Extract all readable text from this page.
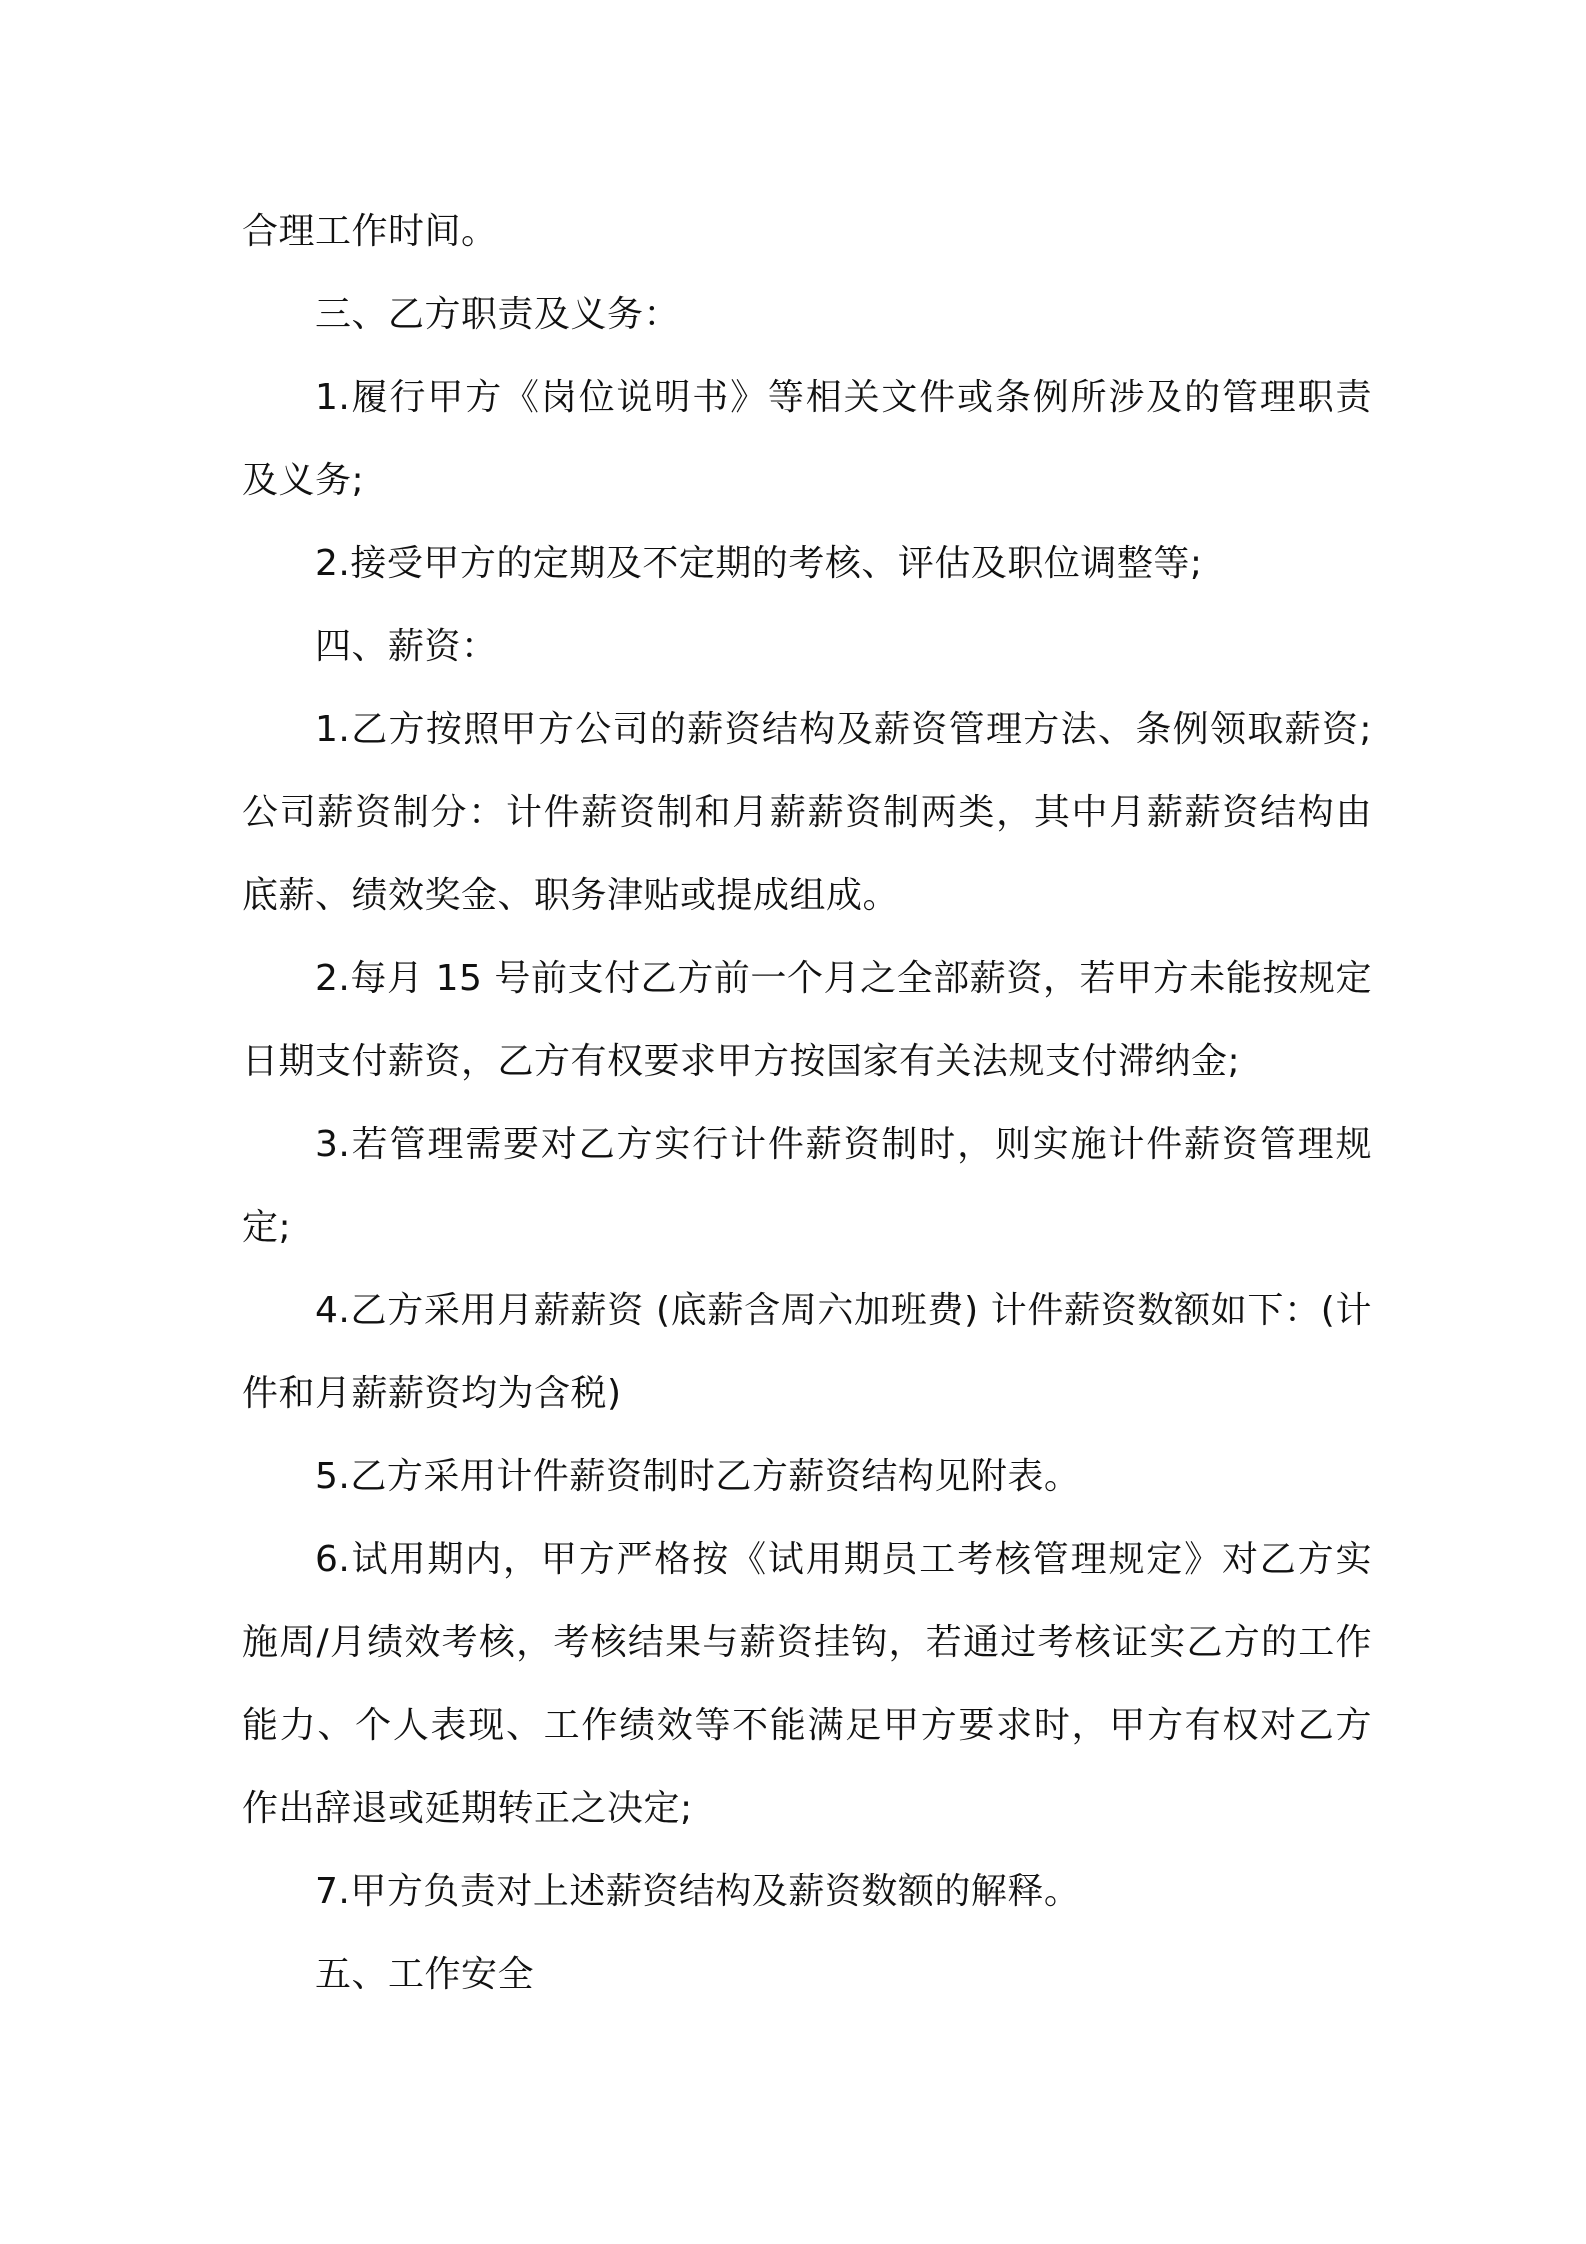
合理工作时间。

三、乙方职责及义务：

1.履行甲方《岗位说明书》等相关文件或条例所涉及的管理职责及义务;

2.接受甲方的定期及不定期的考核、评估及职位调整等;

四、薪资：

1.乙方按照甲方公司的薪资结构及薪资管理方法、条例领取薪资;公司薪资制分：计件薪资制和月薪薪资制两类，其中月薪薪资结构由底薪、绩效奖金、职务津贴或提成组成。

2.每月 15 号前支付乙方前一个月之全部薪资，若甲方未能按规定日期支付薪资，乙方有权要求甲方按国家有关法规支付滞纳金;

3.若管理需要对乙方实行计件薪资制时，则实施计件薪资管理规定;

4.乙方采用月薪薪资 (底薪含周六加班费) 计件薪资数额如下：(计件和月薪薪资均为含税)

5.乙方采用计件薪资制时乙方薪资结构见附表。

6.试用期内，甲方严格按《试用期员工考核管理规定》对乙方实施周/月绩效考核，考核结果与薪资挂钩，若通过考核证实乙方的工作能力、个人表现、工作绩效等不能满足甲方要求时，甲方有权对乙方作出辞退或延期转正之决定;

7.甲方负责对上述薪资结构及薪资数额的解释。

五、工作安全
